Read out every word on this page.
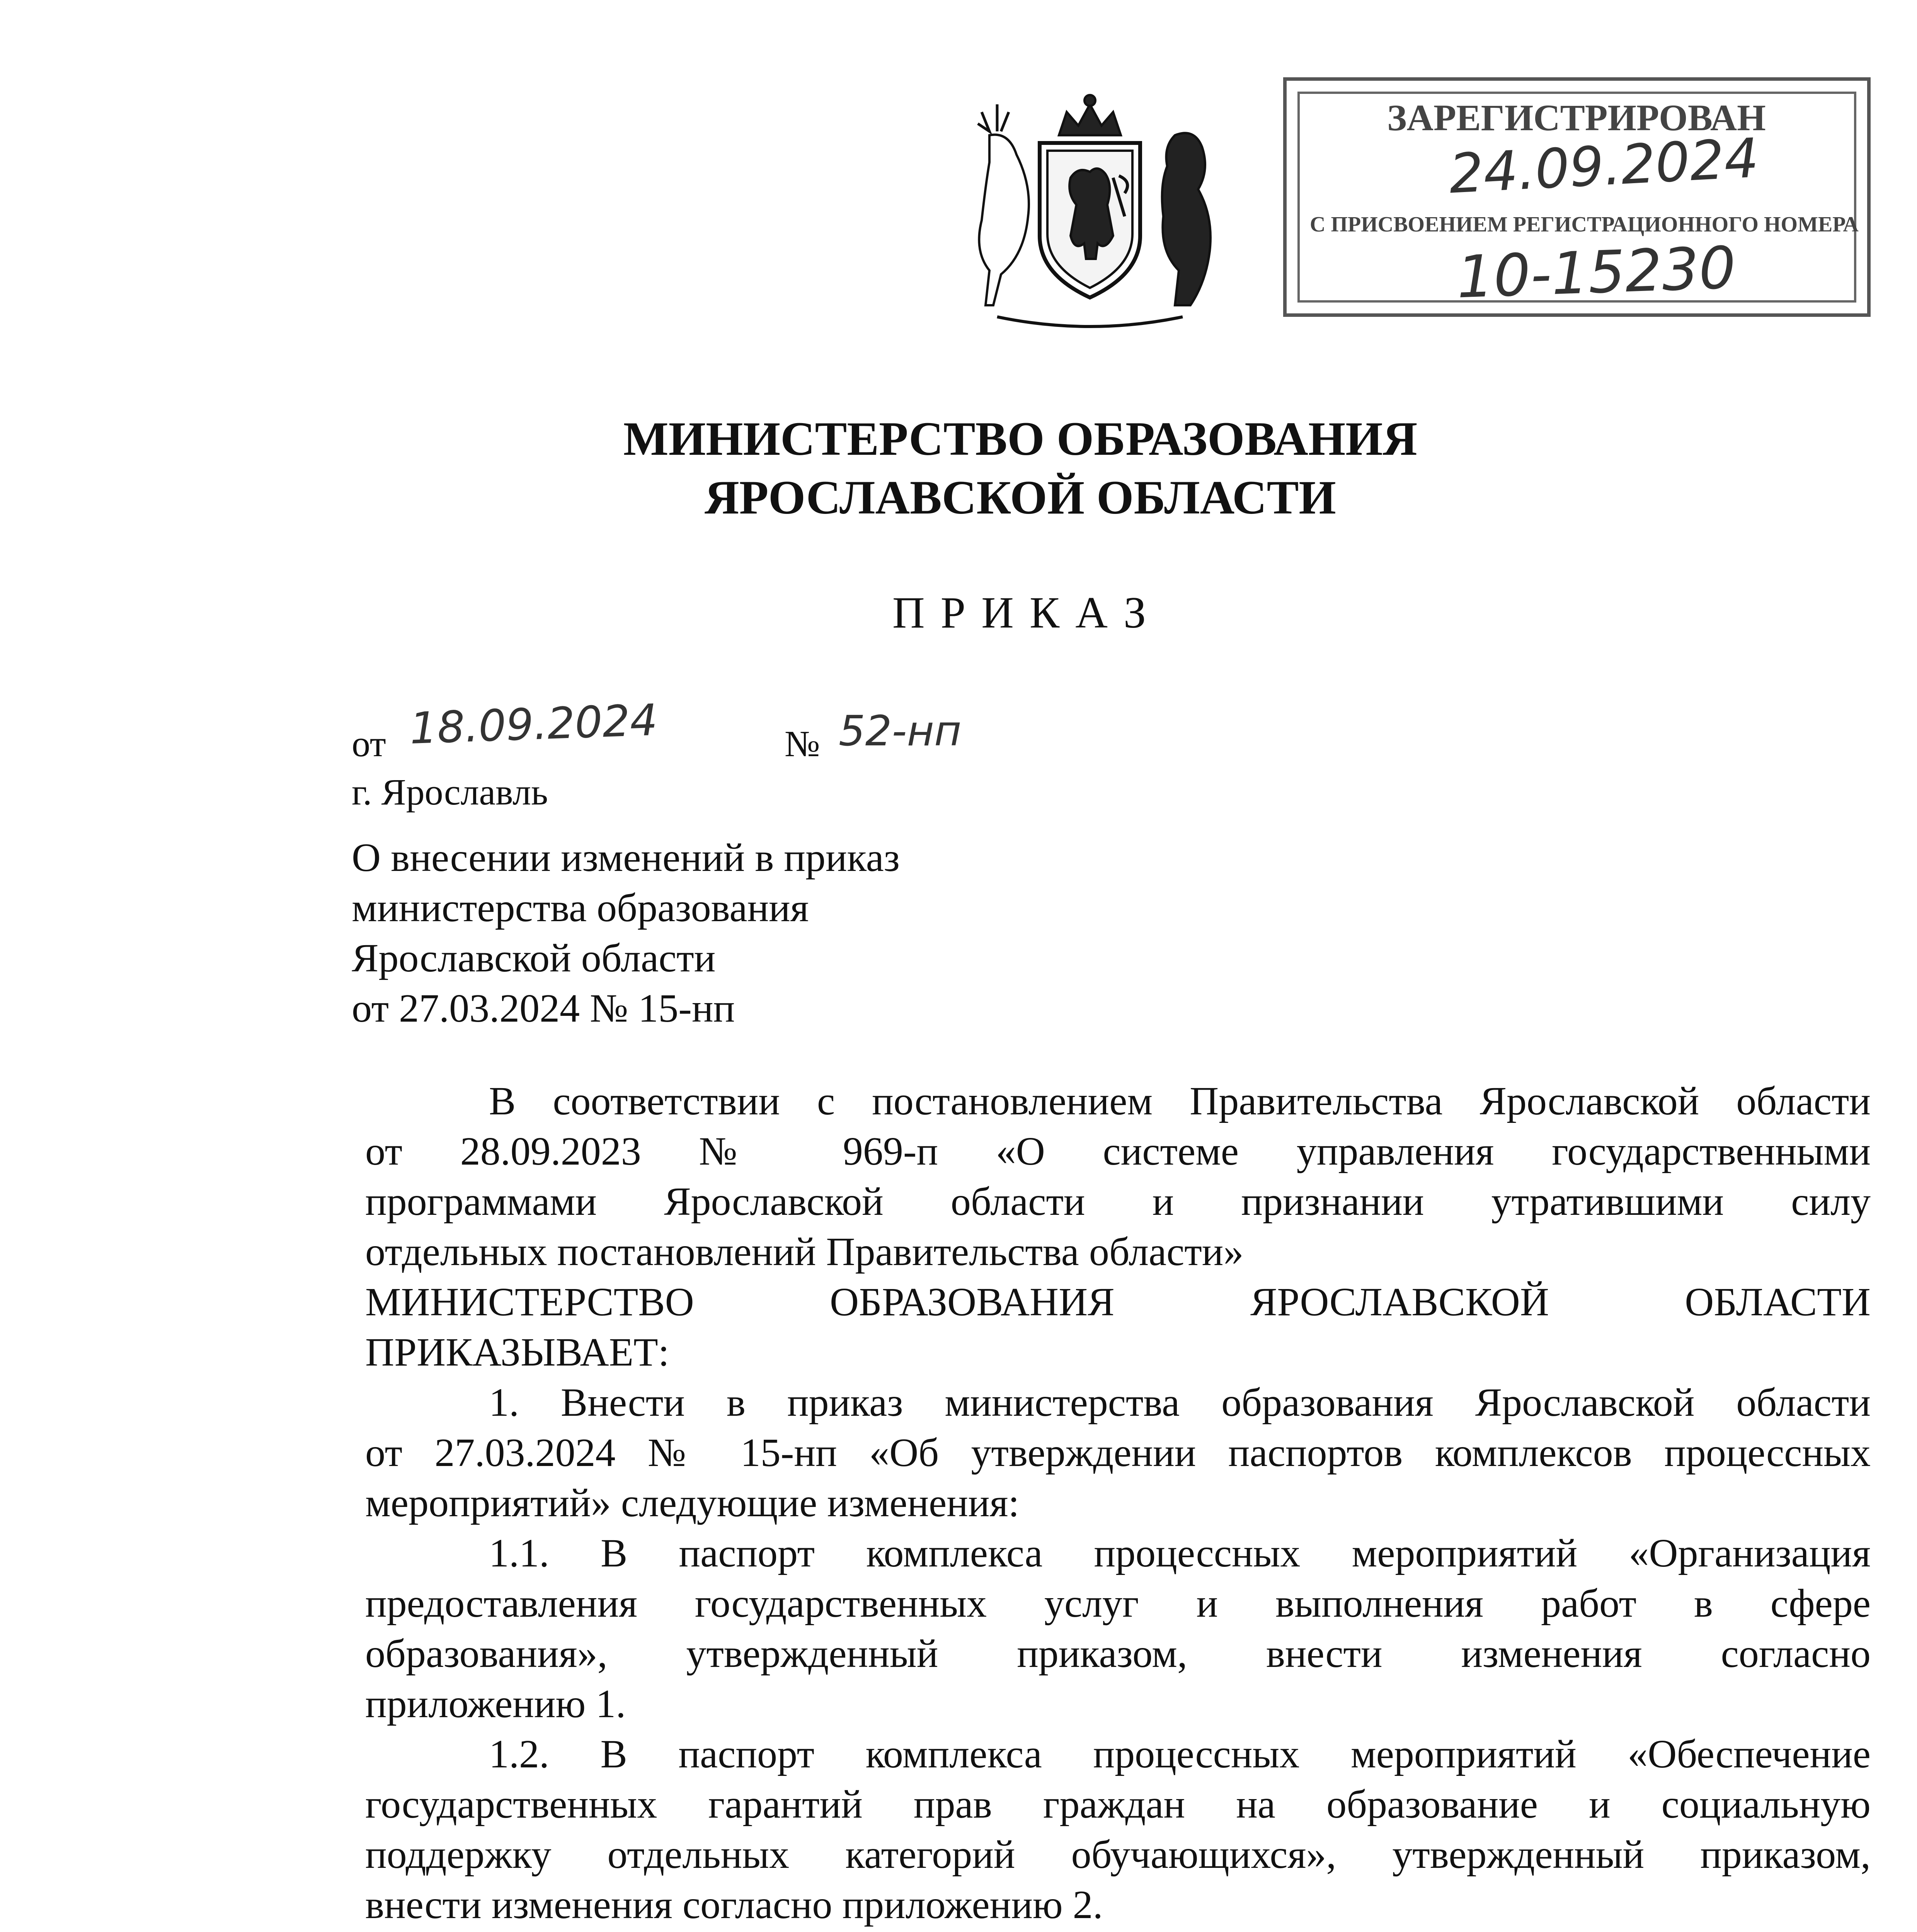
ЗАРЕГИСТРИРОВАН
24.09.2024
С ПРИСВОЕНИЕМ РЕГИСТРАЦИОННОГО НОМЕРА
10-15230
МИНИСТЕРСТВО ОБРАЗОВАНИЯ
ЯРОСЛАВСКОЙ ОБЛАСТИ
П Р И К А З
от 18.09.2024	№ 52-нп
г. Ярославль
О внесении изменений в приказ
министерства образования
Ярославской области
от 27.03.2024 № 15-нп
В соответствии с постановлением Правительства Ярославской области
от 28.09.2023 № 969-п «О системе управления государственными
программами Ярославской области и признании утратившими силу
отдельных постановлений Правительства области»
МИНИСТЕРСТВО ОБРАЗОВАНИЯ ЯРОСЛАВСКОЙ ОБЛАСТИ
ПРИКАЗЫВАЕТ:
1. Внести в приказ министерства образования Ярославской области
от 27.03.2024 № 15-нп «Об утверждении паспортов комплексов процессных
мероприятий» следующие изменения:
1.1. В паспорт комплекса процессных мероприятий «Организация
предоставления государственных услуг и выполнения работ в сфере
образования», утвержденный приказом, внести изменения согласно
приложению 1.
1.2. В паспорт комплекса процессных мероприятий «Обеспечение
государственных гарантий прав граждан на образование и социальную
поддержку отдельных категорий обучающихся», утвержденный приказом,
внести изменения согласно приложению 2.
